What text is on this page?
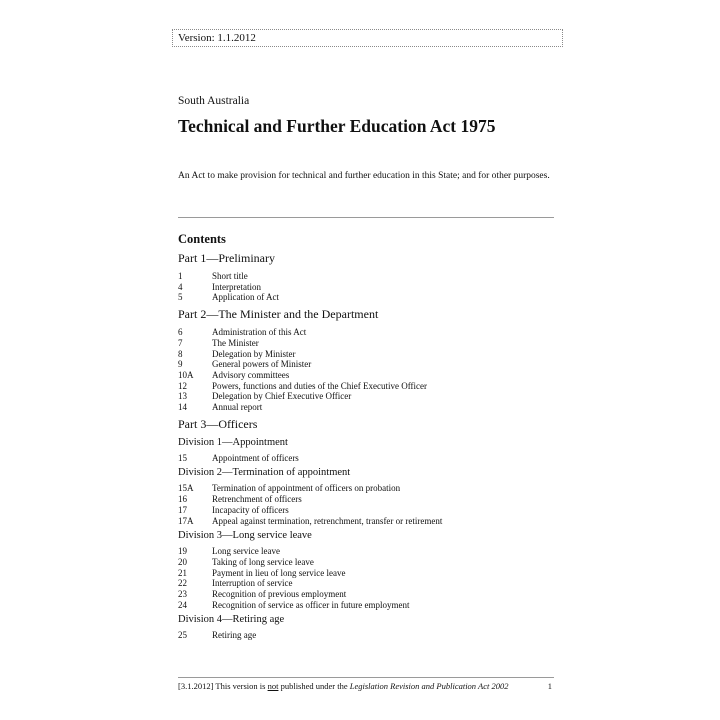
Version: 1.1.2012
South Australia
Technical and Further Education Act 1975
An Act to make provision for technical and further education in this State; and for other purposes.
Contents
Part 1—Preliminary
1	Short title
4	Interpretation
5	Application of Act
Part 2—The Minister and the Department
6	Administration of this Act
7	The Minister
8	Delegation by Minister
9	General powers of Minister
10A	Advisory committees
12	Powers, functions and duties of the Chief Executive Officer
13	Delegation by Chief Executive Officer
14	Annual report
Part 3—Officers
Division 1—Appointment
15	Appointment of officers
Division 2—Termination of appointment
15A	Termination of appointment of officers on probation
16	Retrenchment of officers
17	Incapacity of officers
17A	Appeal against termination, retrenchment, transfer or retirement
Division 3—Long service leave
19	Long service leave
20	Taking of long service leave
21	Payment in lieu of long service leave
22	Interruption of service
23	Recognition of previous employment
24	Recognition of service as officer in future employment
Division 4—Retiring age
25	Retiring age
[3.1.2012] This version is not published under the Legislation Revision and Publication Act 2002	1
